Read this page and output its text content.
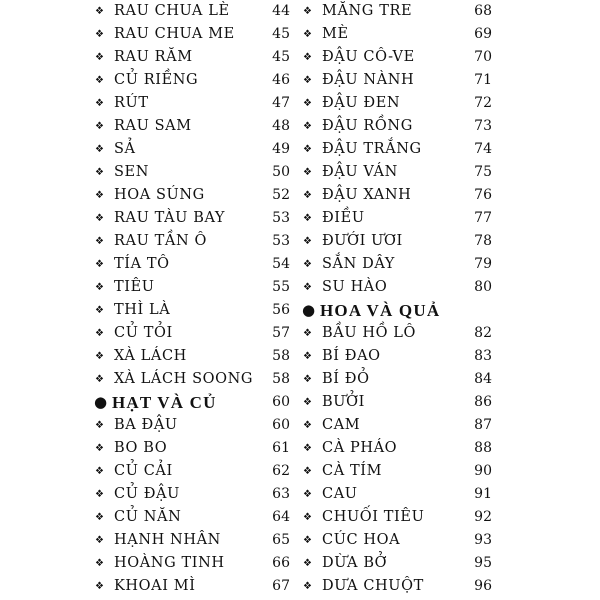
❖ RAU CHUA LÈ	44
❖ RAU CHUA ME	45
❖ RAU RĂM	45
❖ CỦ RIỀNG	46
❖ RÚT	47
❖ RAU SAM	48
❖ SẢ	49
❖ SEN	50
❖ HOA SÚNG	52
❖ RAU TÀU BAY	53
❖ RAU TẦN Ô	53
❖ TÍA TÔ	54
❖ TIÊU	55
❖ THÌ LÀ	56
❖ CỦ TỎI	57
❖ XÀ LÁCH	58
❖ XÀ LÁCH SOONG 58
● HẠT VÀ CỦ	60
❖ BA ĐẬU	60
❖ BO BO	61
❖ CỦ CẢI	62
❖ CỦ ĐẬU	63
❖ CỦ NĂN	64
❖ HẠNH NHÂN	65
❖ HOÀNG TINH	66
❖ KHOAI MÌ	67
❖ MĂNG TRE	68
❖ MÈ	69
❖ ĐẬU CÔ-VE	70
❖ ĐẬU NÀNH	71
❖ ĐẬU ĐEN	72
❖ ĐẬU RỒNG	73
❖ ĐẬU TRẮNG	74
❖ ĐẬU VÁN	75
❖ ĐẬU XANH	76
❖ ĐIỀU	77
❖ ĐƯỚI ƯƠI	78
❖ SẮN DÂY	79
❖ SU HÀO	80
● HOA VÀ QUẢ
❖ BẦU HỒ LÔ	82
❖ BÍ ĐAO	83
❖ BÍ ĐỎ	84
❖ BƯỞI	86
❖ CAM	87
❖ CÀ PHÁO	88
❖ CÀ TÍM	90
❖ CAU	91
❖ CHUỐI TIÊU	92
❖ CÚC HOA	93
❖ DỪA BỞ	95
❖ DƯA CHUỘT	96
